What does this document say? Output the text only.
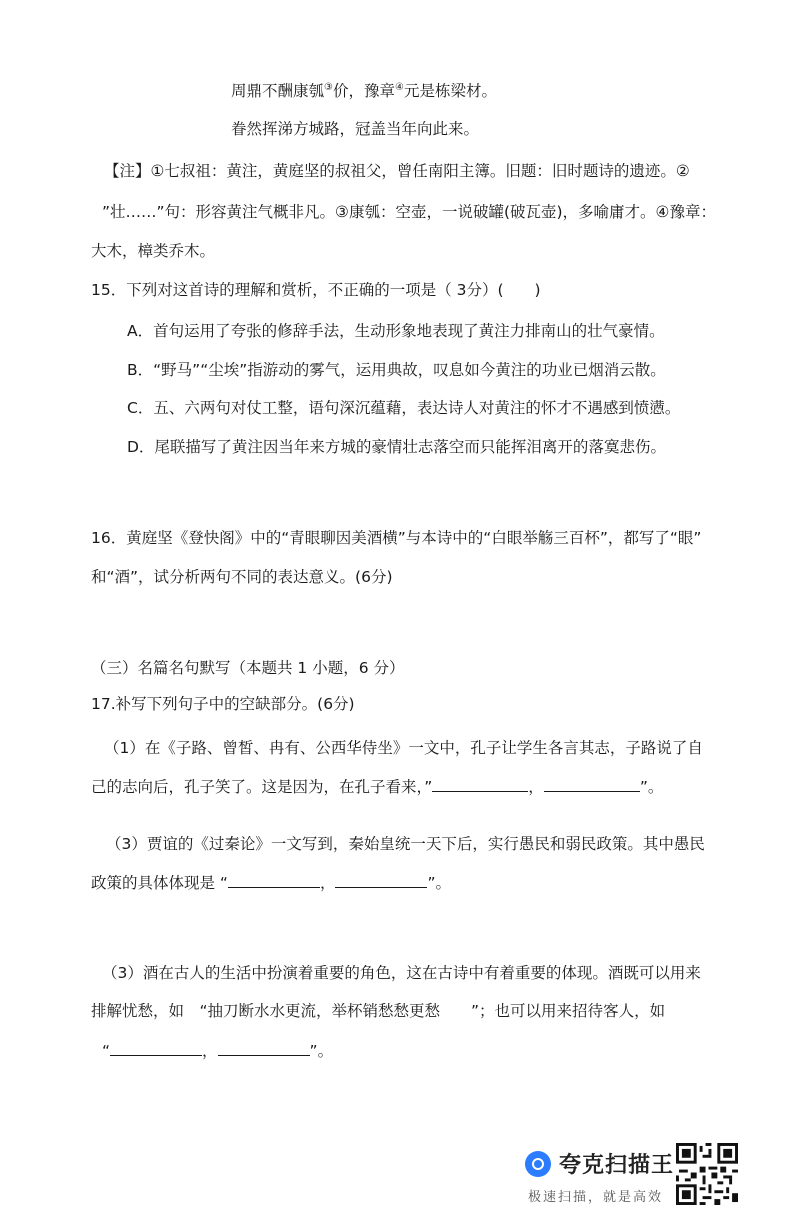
周鼎不酬康瓠③价，豫章④元是栋梁材。
眷然挥涕方城路，冠盖当年向此来。
【注】①七叔祖：黄注，黄庭坚的叔祖父，曾任南阳主簿。旧题：旧时题诗的遗迹。②
”壮……”句：形容黄注气概非凡。③康瓠：空壶，一说破罐(破瓦壶)，多喻庸才。④豫章：
大木，樟类乔木。
15．下列对这首诗的理解和赏析，不正确的一项是（ 3分）(　　)
A．首句运用了夸张的修辞手法，生动形象地表现了黄注力排南山的壮气豪情。
B．“野马”“尘埃”指游动的雾气，运用典故，叹息如今黄注的功业已烟消云散。
C．五、六两句对仗工整，语句深沉蕴藉，表达诗人对黄注的怀才不遇感到愤懑。
D．尾联描写了黄注因当年来方城的豪情壮志落空而只能挥泪离开的落寞悲伤。
16．黄庭坚《登快阁》中的“青眼聊因美酒横”与本诗中的“白眼举觞三百杯”，都写了“眼”
和“酒”，试分析两句不同的表达意义。(6分)
（三）名篇名句默写（本题共 1 小题，6 分）
17.补写下列句子中的空缺部分。(6分)
（1）在《子路、曾皙、冉有、公西华侍坐》一文中，孔子让学生各言其志，子路说了自
己的志向后，孔子笑了。这是因为，在孔子看来，”	，	”。
（3）贾谊的《过秦论》一文写到，秦始皇统一天下后，实行愚民和弱民政策。其中愚民
政策的具体体现是 “	，	”。
（3）酒在古人的生活中扮演着重要的角色，这在古诗中有着重要的体现。酒既可以用来
排解忧愁，如　“抽刀断水水更流，举杯销愁愁更愁　　”；也可以用来招待客人，如
“	，	”。
夸克扫描王
极速扫描，就是高效
